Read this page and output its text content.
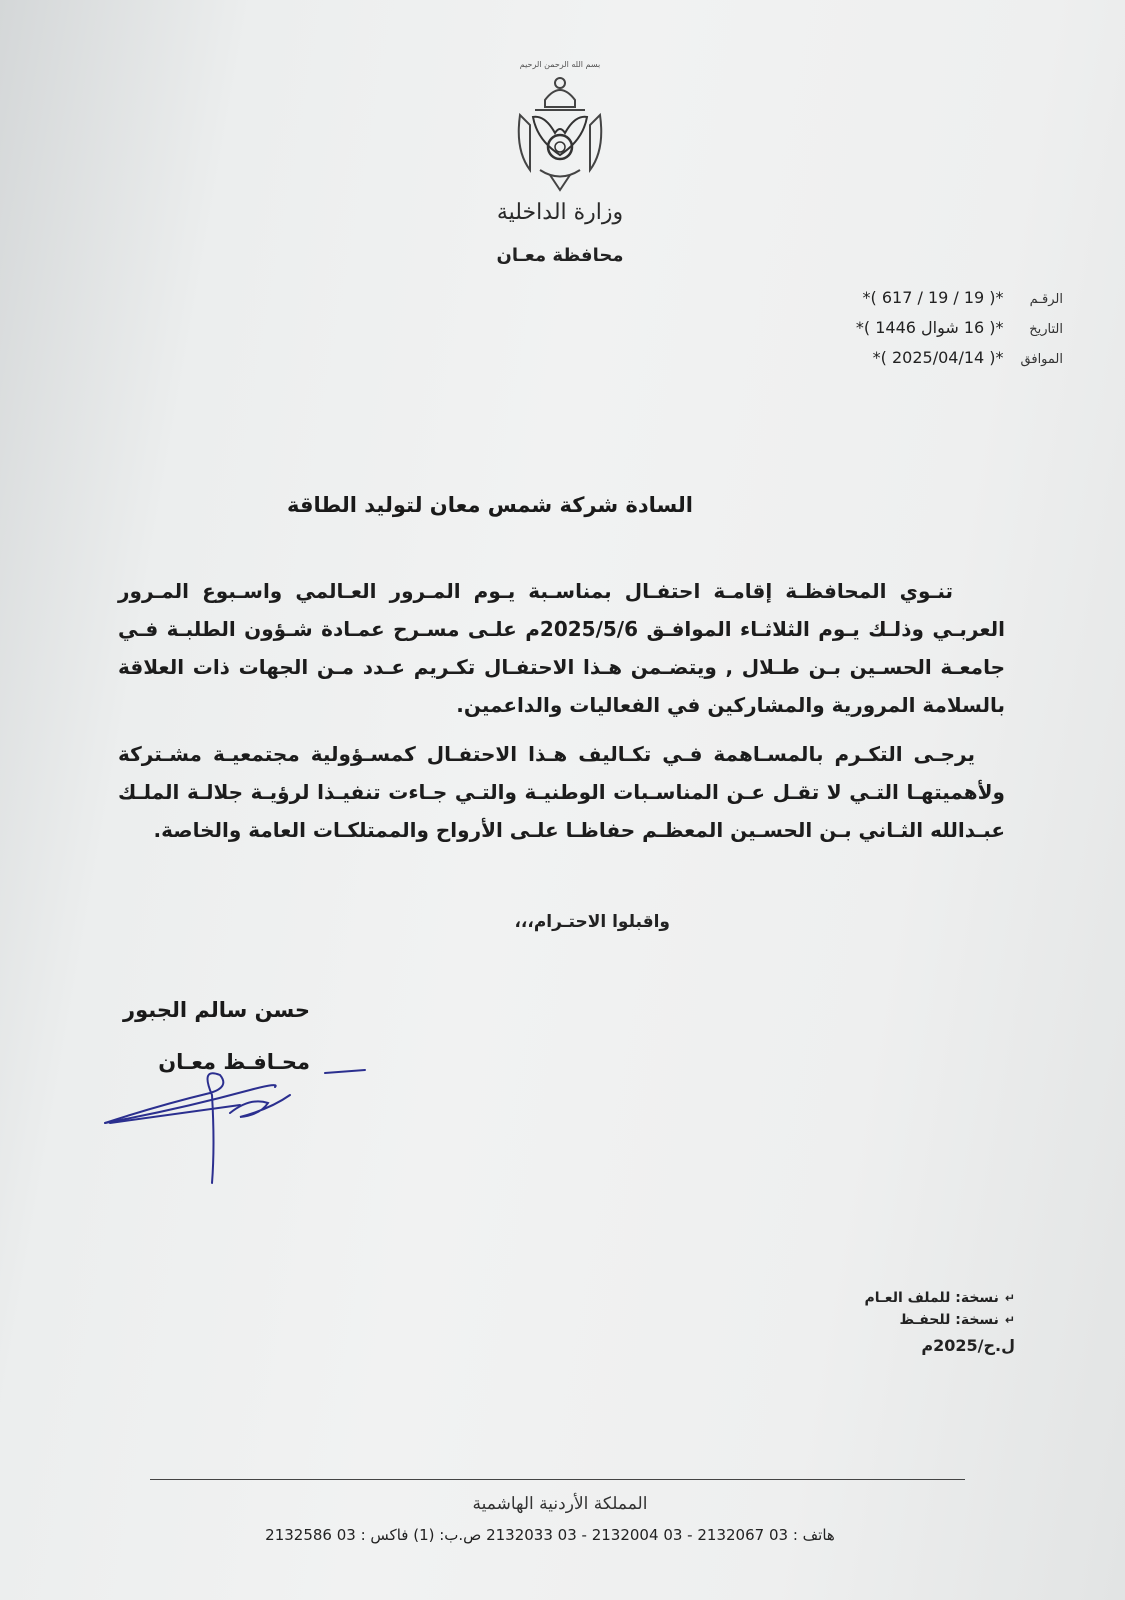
بسم الله الرحمن الرحيم
وزارة الداخلية
محافظة معـان
الرقـم *( 19 / 19 / 617 )*
التاريخ *( 16 شوال 1446 )*
الموافق *( 2025/04/14 )*
السادة شركة شمس معان لتوليد الطاقة
تنـوي المحافظـة إقامـة احتفـال بمناسـبة يـوم المـرور العـالمي واسـبوع المـرور العربـي وذلـك يـوم الثلاثـاء الموافـق 2025/5/6م علـى مسـرح عمـادة شـؤون الطلبـة فـي جامعـة الحسـين بـن طـلال , ويتضـمن هـذا الاحتفـال تكـريم عـدد مـن الجهات ذات العلاقة بالسلامة المرورية والمشاركين في الفعاليات والداعمين.
يرجـى التكـرم بالمسـاهمة فـي تكـاليف هـذا الاحتفـال كمسـؤولية مجتمعيـة مشـتركة ولأهميتهـا التـي لا تقـل عـن المناسـبات الوطنيـة والتـي جـاءت تنفيـذا لرؤيـة جلالـة الملـك عبـدالله الثـاني بـن الحسـين المعظـم حفاظـا علـى الأرواح والممتلكـات العامة والخاصة.
واقبلوا الاحتـرام،،،
حسن سالم الجبور
محـافـظ معـان
↵نسخة: للملف العـام
↵نسخة: للحفـظ
ل.ح/2025م
المملكة الأردنية الهاشمية
هاتف : 03 2132067 - 03 2132004 - 03 2132033 ص.ب: (1) فاكس : 03 2132586
